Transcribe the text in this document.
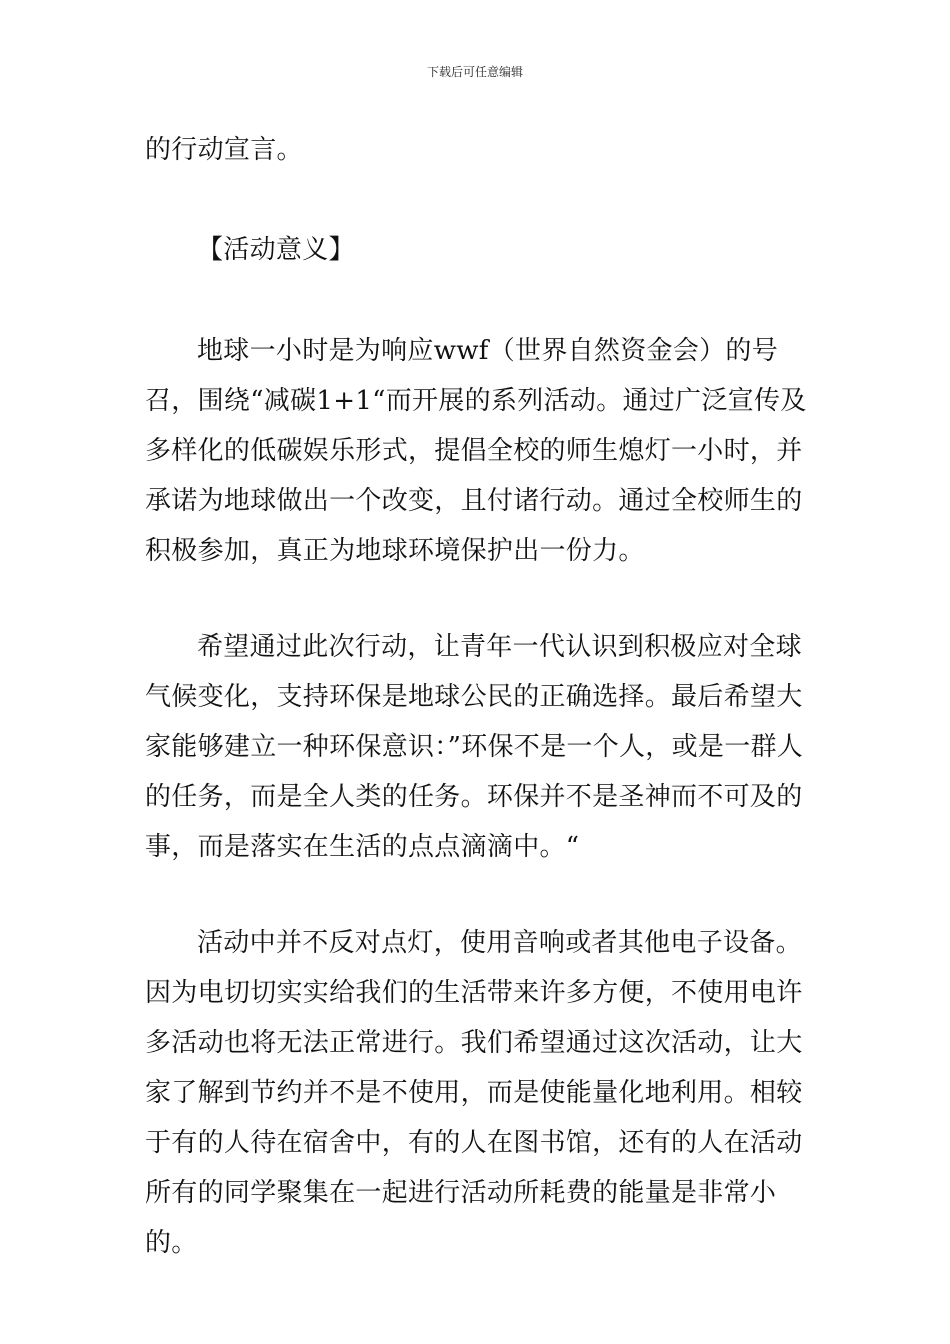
下载后可任意编辑

的行动宣言。

【活动意义】

地球一小时是为响应wwf（世界自然资金会）的号召，围绕“减碳1+1“而开展的系列活动。通过广泛宣传及多样化的低碳娱乐形式，提倡全校的师生熄灯一小时，并承诺为地球做出一个改变，且付诸行动。通过全校师生的积极参加，真正为地球环境保护出一份力。

希望通过此次行动，让青年一代认识到积极应对全球气候变化，支持环保是地球公民的正确选择。最后希望大家能够建立一种环保意识：”环保不是一个人，或是一群人的任务，而是全人类的任务。环保并不是圣神而不可及的事，而是落实在生活的点点滴滴中。“

活动中并不反对点灯，使用音响或者其他电子设备。因为电切切实实给我们的生活带来许多方便，不使用电许多活动也将无法正常进行。我们希望通过这次活动，让大家了解到节约并不是不使用，而是使能量化地利用。相较于有的人待在宿舍中，有的人在图书馆，还有的人在活动所有的同学聚集在一起进行活动所耗费的能量是非常小的。
